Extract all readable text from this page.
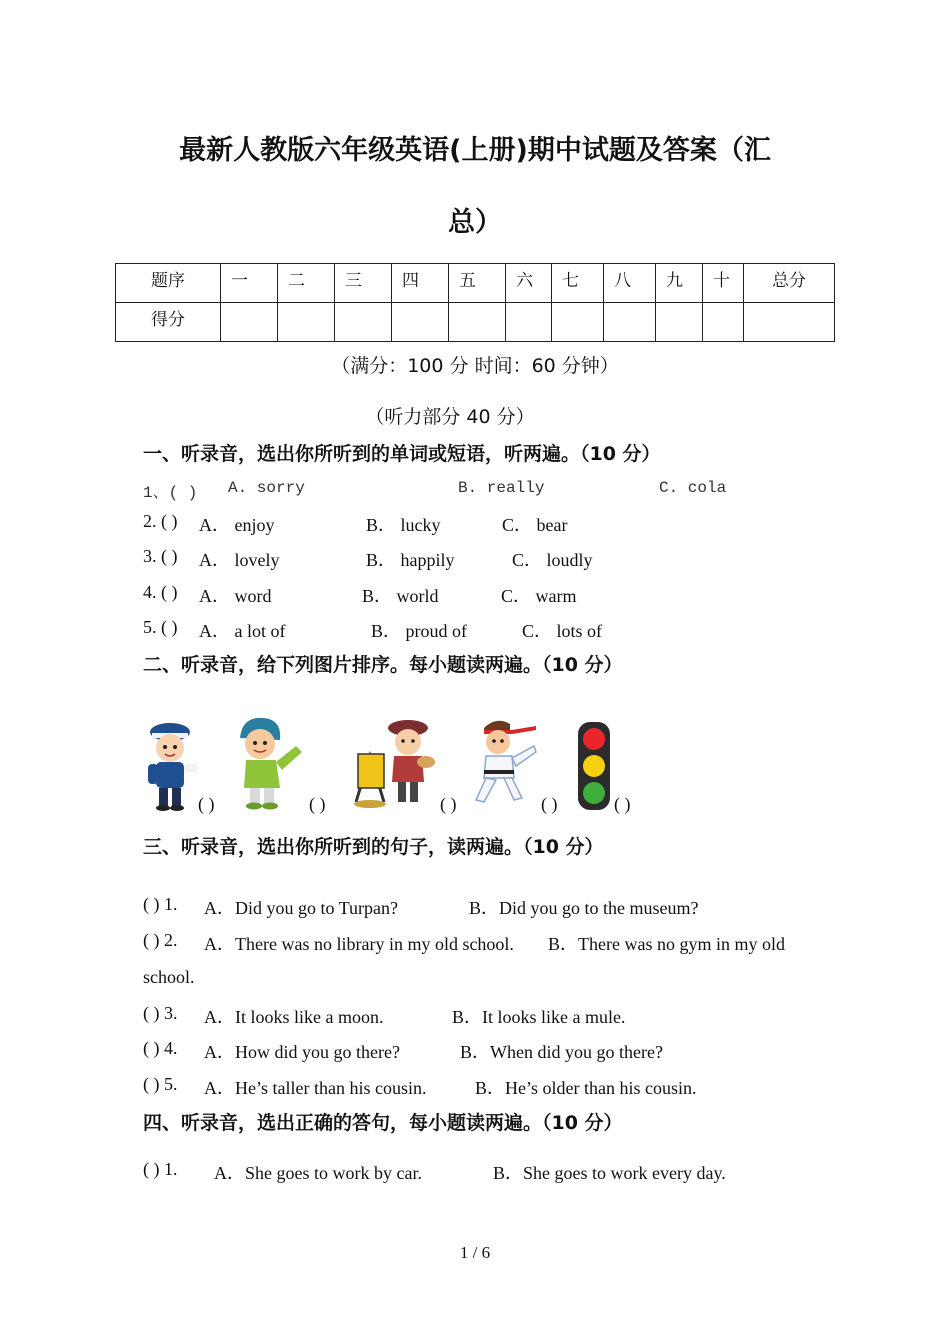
最新人教版六年级英语(上册)期中试题及答案（汇
总）
题序	一	二	三	四	五	六	七	八	九	十	总分
得分											
（满分：100 分 时间：60 分钟）
（听力部分 40 分）
一、听录音，选出你所听到的单词或短语，听两遍。（10 分）
1、( ) A. sorry	B. really	C. cola
2. ( ) A． enjoy	B． lucky	C． bear
3. ( ) A． lovely	B． happily	C． loudly
4. ( ) A． word	B． world	C． warm
5. ( ) A． a lot of	B． proud of	C． lots of
二、听录音，给下列图片排序。每小题读两遍。（10 分）
( )	( )	( )	( )	( )
三、听录音，选出你所听到的句子，读两遍。（10 分）
( ) 1. A．Did you go to Turpan?	B．Did you go to the museum?
( ) 2. A．There was no library in my old school. B．There was no gym in my old
school.
( ) 3. A．It looks like a moon.	B．It looks like a mule.
( ) 4. A．How did you go there?	B．When did you go there?
( ) 5. A．He’s taller than his cousin.	B．He’s older than his cousin.
四、听录音，选出正确的答句，每小题读两遍。（10 分）
( ) 1. A．She goes to work by car.	B．She goes to work every day.
1 / 6
